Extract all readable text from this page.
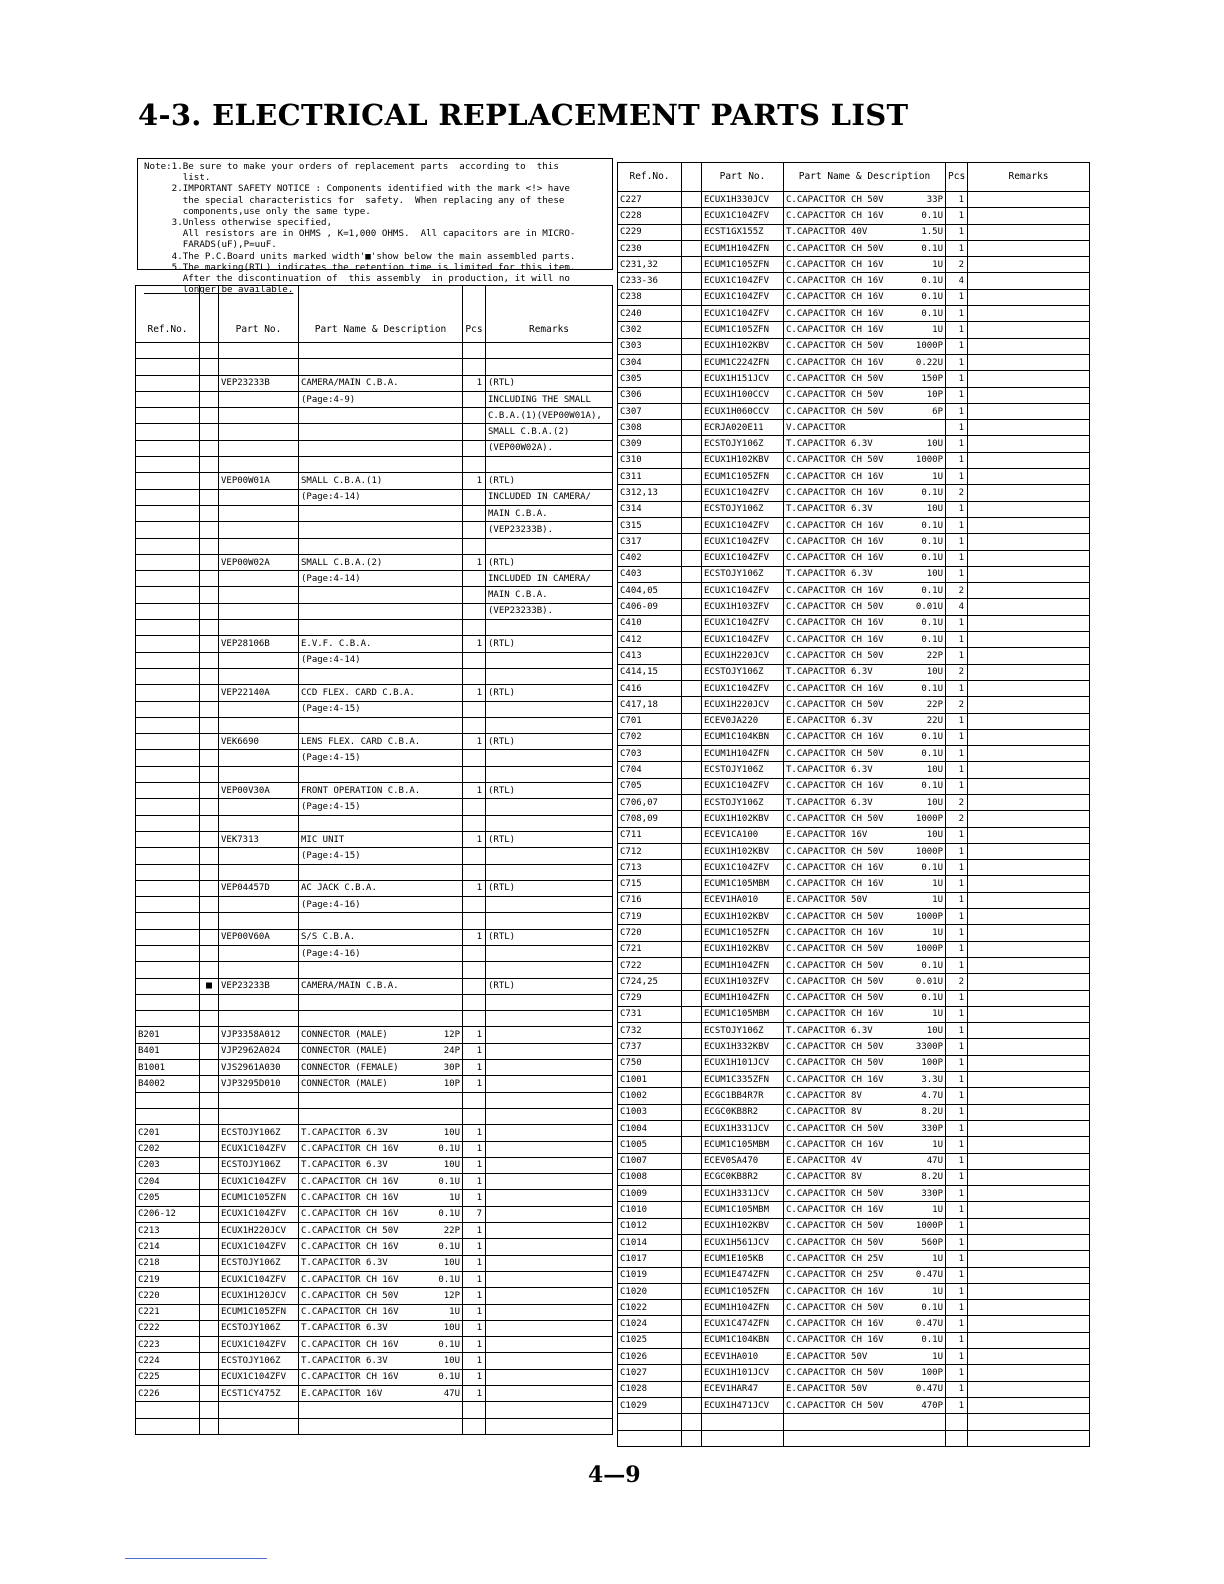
4-3. ELECTRICAL REPLACEMENT PARTS LIST
Note:1.Be sure to make your orders of replacement parts  according to  this
list.
2.IMPORTANT SAFETY NOTICE : Components identified with the mark <!> have
the special characteristics for  safety.  When replacing any of these
components,use only the same type.
3.Unless otherwise specified,
All resistors are in OHMS , K=1,000 OHMS.  All capacitors are in MICRO-
FARADS(uF),P=uuF.
4.The P.C.Board units marked width'■'show below the main assembled parts.
5.The marking(RTL) indicates the retention time is limited for this item.
After the discontinuation of  this assembly  in production, it will no
longer be available.
Ref.No.		Part No.	Part Name & Description	Pcs	Remarks

		VEP23233B	CAMERA/MAIN C.B.A.	1	(RTL)

			(Page:4-9)		INCLUDING THE SMALL

		C.B.A.(1)(VEP00W01A),

		SMALL C.B.A.(2)

		(VEP00W02A).

		VEP00W01A	SMALL C.B.A.(1)	1	(RTL)

			(Page:4-14)		INCLUDED IN CAMERA/

		MAIN C.B.A.

		(VEP23233B).

		VEP00W02A	SMALL C.B.A.(2)	1	(RTL)

			(Page:4-14)		INCLUDED IN CAMERA/

		MAIN C.B.A.

		(VEP23233B).

		VEP28106B	E.V.F. C.B.A.	1	(RTL)

			(Page:4-14)		

		VEP22140A	CCD FLEX. CARD C.B.A.	1	(RTL)

			(Page:4-15)		

		VEK6690	LENS FLEX. CARD C.B.A.	1	(RTL)

			(Page:4-15)		

		VEP00V30A	FRONT OPERATION C.B.A.	1	(RTL)

			(Page:4-15)		

		VEK7313	MIC UNIT	1	(RTL)

			(Page:4-15)		

		VEP04457D	AC JACK C.B.A.	1	(RTL)

			(Page:4-16)		

		VEP00V60A	S/S C.B.A.	1	(RTL)

			(Page:4-16)		

	■	VEP23233B	CAMERA/MAIN C.B.A.		(RTL)

B201		VJP3358A012	CONNECTOR (MALE) 12P	1	
B401		VJP2962A024	CONNECTOR (MALE) 24P	1	
B1001		VJS2961A030	CONNECTOR (FEMALE) 30P	1	
B4002		VJP3295D010	CONNECTOR (MALE) 10P	1	

C201		ECSTOJY106Z	T.CAPACITOR 6.3V 10U	1	
C202		ECUX1C104ZFV	C.CAPACITOR CH 16V 0.1U	1	
C203		ECSTOJY106Z	T.CAPACITOR 6.3V 10U	1	
C204		ECUX1C104ZFV	C.CAPACITOR CH 16V 0.1U	1	
C205		ECUM1C105ZFN	C.CAPACITOR CH 16V 1U	1	
C206-12		ECUX1C104ZFV	C.CAPACITOR CH 16V 0.1U	7	
C213		ECUX1H220JCV	C.CAPACITOR CH 50V 22P	1	
C214		ECUX1C104ZFV	C.CAPACITOR CH 16V 0.1U	1	
C218		ECSTOJY106Z	T.CAPACITOR 6.3V 10U	1	
C219		ECUX1C104ZFV	C.CAPACITOR CH 16V 0.1U	1	
C220		ECUX1H120JCV	C.CAPACITOR CH 50V 12P	1	
C221		ECUM1C105ZFN	C.CAPACITOR CH 16V 1U	1	
C222		ECSTOJY106Z	T.CAPACITOR 6.3V 10U	1	
C223		ECUX1C104ZFV	C.CAPACITOR CH 16V 0.1U	1	
C224		ECSTOJY106Z	T.CAPACITOR 6.3V 10U	1	
C225		ECUX1C104ZFV	C.CAPACITOR CH 16V 0.1U	1	
C226		ECST1CY475Z	E.CAPACITOR 16V 47U	1	

Ref.No.		Part No.	Part Name & Description	Pcs	Remarks
C227		ECUX1H330JCV	C.CAPACITOR CH 50V 33P	1	
C228		ECUX1C104ZFV	C.CAPACITOR CH 16V 0.1U	1	
C229		ECST1GX155Z	T.CAPACITOR 40V 1.5U	1	
C230		ECUM1H104ZFN	C.CAPACITOR CH 50V 0.1U	1	
C231,32		ECUM1C105ZFN	C.CAPACITOR CH 16V 1U	2	
C233-36		ECUX1C104ZFV	C.CAPACITOR CH 16V 0.1U	4	
C238		ECUX1C104ZFV	C.CAPACITOR CH 16V 0.1U	1	
C240		ECUX1C104ZFV	C.CAPACITOR CH 16V 0.1U	1	
C302		ECUM1C105ZFN	C.CAPACITOR CH 16V 1U	1	
C303		ECUX1H102KBV	C.CAPACITOR CH 50V 1000P	1	
C304		ECUM1C224ZFN	C.CAPACITOR CH 16V 0.22U	1	
C305		ECUX1H151JCV	C.CAPACITOR CH 50V 150P	1	
C306		ECUX1H100CCV	C.CAPACITOR CH 50V 10P	1	
C307		ECUX1H060CCV	C.CAPACITOR CH 50V 6P	1	
C308		ECRJA020E11	V.CAPACITOR	1	
C309		ECSTOJY106Z	T.CAPACITOR 6.3V 10U	1	
C310		ECUX1H102KBV	C.CAPACITOR CH 50V 1000P	1	
C311		ECUM1C105ZFN	C.CAPACITOR CH 16V 1U	1	
C312,13		ECUX1C104ZFV	C.CAPACITOR CH 16V 0.1U	2	
C314		ECSTOJY106Z	T.CAPACITOR 6.3V 10U	1	
C315		ECUX1C104ZFV	C.CAPACITOR CH 16V 0.1U	1	
C317		ECUX1C104ZFV	C.CAPACITOR CH 16V 0.1U	1	
C402		ECUX1C104ZFV	C.CAPACITOR CH 16V 0.1U	1	
C403		ECSTOJY106Z	T.CAPACITOR 6.3V 10U	1	
C404,05		ECUX1C104ZFV	C.CAPACITOR CH 16V 0.1U	2	
C406-09		ECUX1H103ZFV	C.CAPACITOR CH 50V 0.01U	4	
C410		ECUX1C104ZFV	C.CAPACITOR CH 16V 0.1U	1	
C412		ECUX1C104ZFV	C.CAPACITOR CH 16V 0.1U	1	
C413		ECUX1H220JCV	C.CAPACITOR CH 50V 22P	1	
C414,15		ECSTOJY106Z	T.CAPACITOR 6.3V 10U	2	
C416		ECUX1C104ZFV	C.CAPACITOR CH 16V 0.1U	1	
C417,18		ECUX1H220JCV	C.CAPACITOR CH 50V 22P	2	
C701		ECEV0JA220	E.CAPACITOR 6.3V 22U	1	
C702		ECUM1C104KBN	C.CAPACITOR CH 16V 0.1U	1	
C703		ECUM1H104ZFN	C.CAPACITOR CH 50V 0.1U	1	
C704		ECSTOJY106Z	T.CAPACITOR 6.3V 10U	1	
C705		ECUX1C104ZFV	C.CAPACITOR CH 16V 0.1U	1	
C706,07		ECSTOJY106Z	T.CAPACITOR 6.3V 10U	2	
C708,09		ECUX1H102KBV	C.CAPACITOR CH 50V 1000P	2	
C711		ECEV1CA100	E.CAPACITOR 16V 10U	1	
C712		ECUX1H102KBV	C.CAPACITOR CH 50V 1000P	1	
C713		ECUX1C104ZFV	C.CAPACITOR CH 16V 0.1U	1	
C715		ECUM1C105MBM	C.CAPACITOR CH 16V 1U	1	
C716		ECEV1HA010	E.CAPACITOR 50V 1U	1	
C719		ECUX1H102KBV	C.CAPACITOR CH 50V 1000P	1	
C720		ECUM1C105ZFN	C.CAPACITOR CH 16V 1U	1	
C721		ECUX1H102KBV	C.CAPACITOR CH 50V 1000P	1	
C722		ECUM1H104ZFN	C.CAPACITOR CH 50V 0.1U	1	
C724,25		ECUX1H103ZFV	C.CAPACITOR CH 50V 0.01U	2	
C729		ECUM1H104ZFN	C.CAPACITOR CH 50V 0.1U	1	
C731		ECUM1C105MBM	C.CAPACITOR CH 16V 1U	1	
C732		ECSTOJY106Z	T.CAPACITOR 6.3V 10U	1	
C737		ECUX1H332KBV	C.CAPACITOR CH 50V 3300P	1	
C750		ECUX1H101JCV	C.CAPACITOR CH 50V 100P	1	
C1001		ECUM1C335ZFN	C.CAPACITOR CH 16V 3.3U	1	
C1002		ECGC1BB4R7R	C.CAPACITOR 8V 4.7U	1	
C1003		ECGC0KB8R2	C.CAPACITOR 8V 8.2U	1	
C1004		ECUX1H331JCV	C.CAPACITOR CH 50V 330P	1	
C1005		ECUM1C105MBM	C.CAPACITOR CH 16V 1U	1	
C1007		ECEV0SA470	E.CAPACITOR 4V 47U	1	
C1008		ECGC0KB8R2	C.CAPACITOR 8V 8.2U	1	
C1009		ECUX1H331JCV	C.CAPACITOR CH 50V 330P	1	
C1010		ECUM1C105MBM	C.CAPACITOR CH 16V 1U	1	
C1012		ECUX1H102KBV	C.CAPACITOR CH 50V 1000P	1	
C1014		ECUX1H561JCV	C.CAPACITOR CH 50V 560P	1	
C1017		ECUM1E105KB	C.CAPACITOR CH 25V 1U	1	
C1019		ECUM1E474ZFN	C.CAPACITOR CH 25V 0.47U	1	
C1020		ECUM1C105ZFN	C.CAPACITOR CH 16V 1U	1	
C1022		ECUM1H104ZFN	C.CAPACITOR CH 50V 0.1U	1	
C1024		ECUX1C474ZFN	C.CAPACITOR CH 16V 0.47U	1	
C1025		ECUM1C104KBN	C.CAPACITOR CH 16V 0.1U	1	
C1026		ECEV1HA010	E.CAPACITOR 50V 1U	1	
C1027		ECUX1H101JCV	C.CAPACITOR CH 50V 100P	1	
C1028		ECEV1HAR47	E.CAPACITOR 50V 0.47U	1	
C1029		ECUX1H471JCV	C.CAPACITOR CH 50V 470P	1	

4—9
